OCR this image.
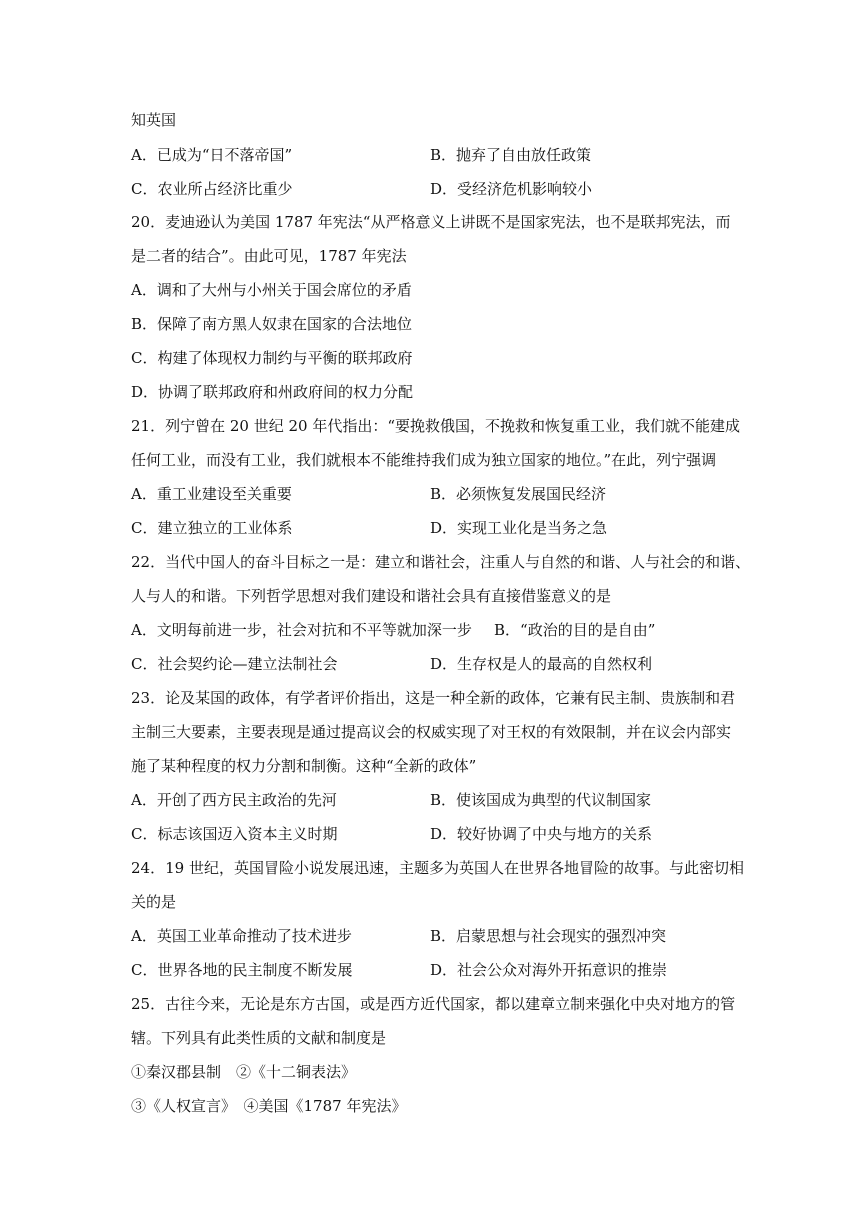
知英国
A．已成为“日不落帝国”	B．抛弃了自由放任政策
C．农业所占经济比重少	D．受经济危机影响较小
20．麦迪逊认为美国 1787 年宪法“从严格意义上讲既不是国家宪法，也不是联邦宪法，而
是二者的结合”。由此可见，1787 年宪法
A．调和了大州与小州关于国会席位的矛盾
B．保障了南方黑人奴隶在国家的合法地位
C．构建了体现权力制约与平衡的联邦政府
D．协调了联邦政府和州政府间的权力分配
21．列宁曾在 20 世纪 20 年代指出：“要挽救俄国，不挽救和恢复重工业，我们就不能建成
任何工业，而没有工业，我们就根本不能维持我们成为独立国家的地位。”在此，列宁强调
A．重工业建设至关重要	B．必须恢复发展国民经济
C．建立独立的工业体系	D．实现工业化是当务之急
22．当代中国人的奋斗目标之一是：建立和谐社会，注重人与自然的和谐、人与社会的和谐、
人与人的和谐。下列哲学思想对我们建设和谐社会具有直接借鉴意义的是
A．文明每前进一步，社会对抗和不平等就加深一步 B．“政治的目的是自由”
C．社会契约论—建立法制社会	D．生存权是人的最高的自然权利
23．论及某国的政体，有学者评价指出，这是一种全新的政体，它兼有民主制、贵族制和君
主制三大要素，主要表现是通过提高议会的权威实现了对王权的有效限制，并在议会内部实
施了某种程度的权力分割和制衡。这种“全新的政体”
A．开创了西方民主政治的先河	B．使该国成为典型的代议制国家
C．标志该国迈入资本主义时期	D．较好协调了中央与地方的关系
24．19 世纪，英国冒险小说发展迅速，主题多为英国人在世界各地冒险的故事。与此密切相
关的是
A．英国工业革命推动了技术进步	B．启蒙思想与社会现实的强烈冲突
C．世界各地的民主制度不断发展	D．社会公众对海外开拓意识的推崇
25．古往今来，无论是东方古国，或是西方近代国家，都以建章立制来强化中央对地方的管
辖。下列具有此类性质的文献和制度是
①秦汉郡县制　②《十二铜表法》
③《人权宣言》　④美国《1787 年宪法》
